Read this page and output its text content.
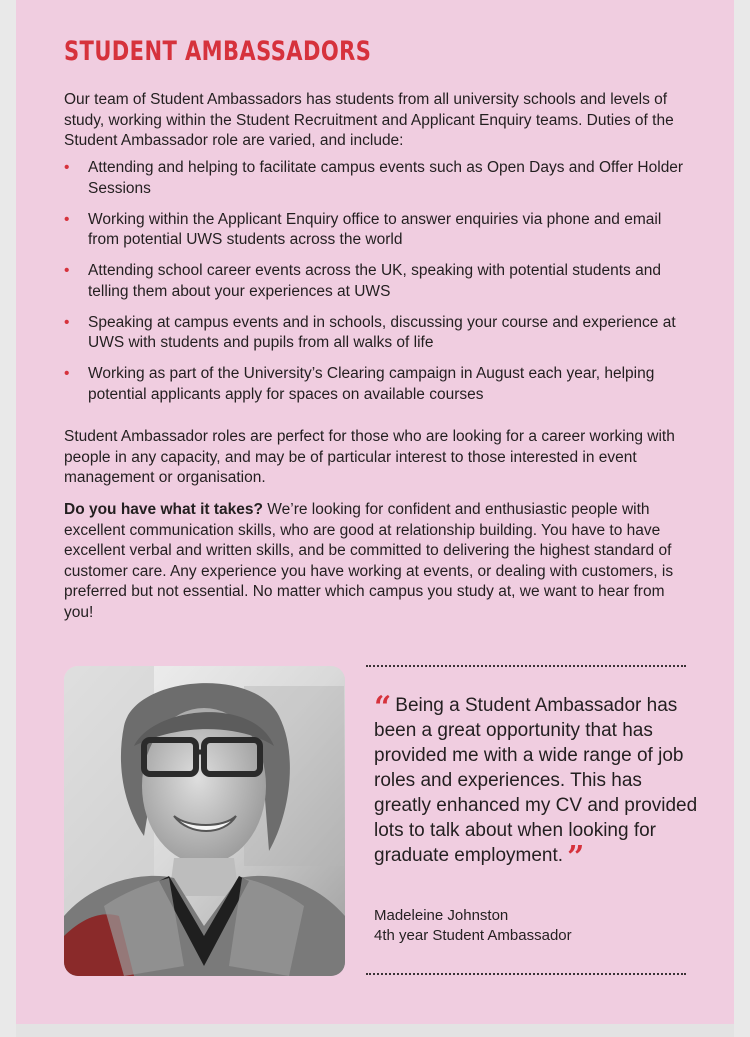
STUDENT AMBASSADORS

Our team of Student Ambassadors has students from all university schools and levels of study, working within the Student Recruitment and Applicant Enquiry teams. Duties of the Student Ambassador role are varied, and include:

• Attending and helping to facilitate campus events such as Open Days and Offer Holder Sessions
• Working within the Applicant Enquiry office to answer enquiries via phone and email from potential UWS students across the world
• Attending school career events across the UK, speaking with potential students and telling them about your experiences at UWS
• Speaking at campus events and in schools, discussing your course and experience at UWS with students and pupils from all walks of life
• Working as part of the University’s Clearing campaign in August each year, helping potential applicants apply for spaces on available courses

Student Ambassador roles are perfect for those who are looking for a career working with people in any capacity, and may be of particular interest to those interested in event management or organisation.

Do you have what it takes? We’re looking for confident and enthusiastic people with excellent communication skills, who are good at relationship building. You have to have excellent verbal and written skills, and be committed to delivering the highest standard of customer care. Any experience you have working at events, or dealing with customers, is preferred but not essential. No matter which campus you study at, we want to hear from you!

“ Being a Student Ambassador has been a great opportunity that has provided me with a wide range of job roles and experiences. This has greatly enhanced my CV and provided lots to talk about when looking for graduate employment. ”

Madeleine Johnston
4th year Student Ambassador
